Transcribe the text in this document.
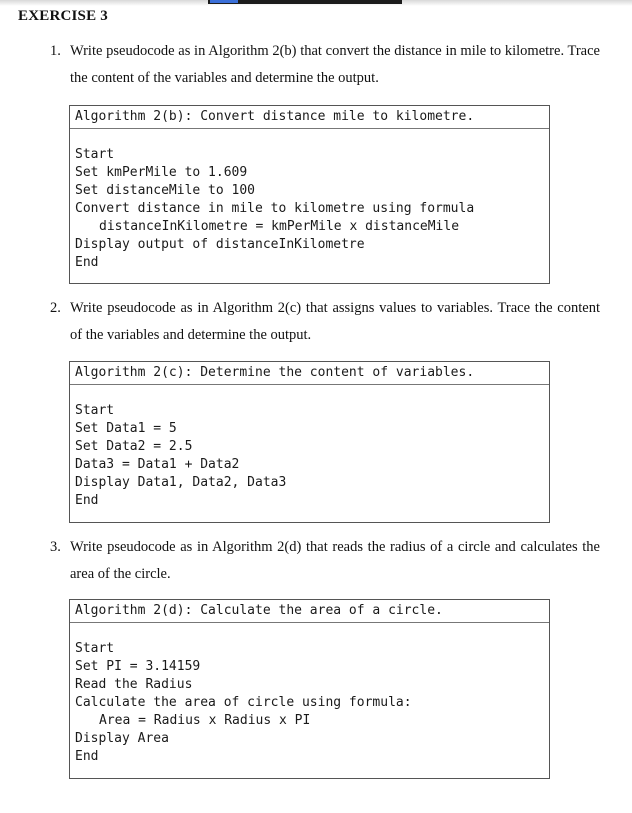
EXERCISE 3
1. Write pseudocode as in Algorithm 2(b) that convert the distance in mile to kilometre. Trace the content of the variables and determine the output.
Algorithm 2(b): Convert distance mile to kilometre.
Start
Set kmPerMile to 1.609
Set distanceMile to 100
Convert distance in mile to kilometre using formula
distanceInKilometre = kmPerMile x distanceMile
Display output of distanceInKilometre
End
2. Write pseudocode as in Algorithm 2(c) that assigns values to variables. Trace the content of the variables and determine the output.
Algorithm 2(c): Determine the content of variables.
Start
Set Data1 = 5
Set Data2 = 2.5
Data3 = Data1 + Data2
Display Data1, Data2, Data3
End
3. Write pseudocode as in Algorithm 2(d) that reads the radius of a circle and calculates the area of the circle.
Algorithm 2(d): Calculate the area of a circle.
Start
Set PI = 3.14159
Read the Radius
Calculate the area of circle using formula:
Area = Radius x Radius x PI
Display Area
End
